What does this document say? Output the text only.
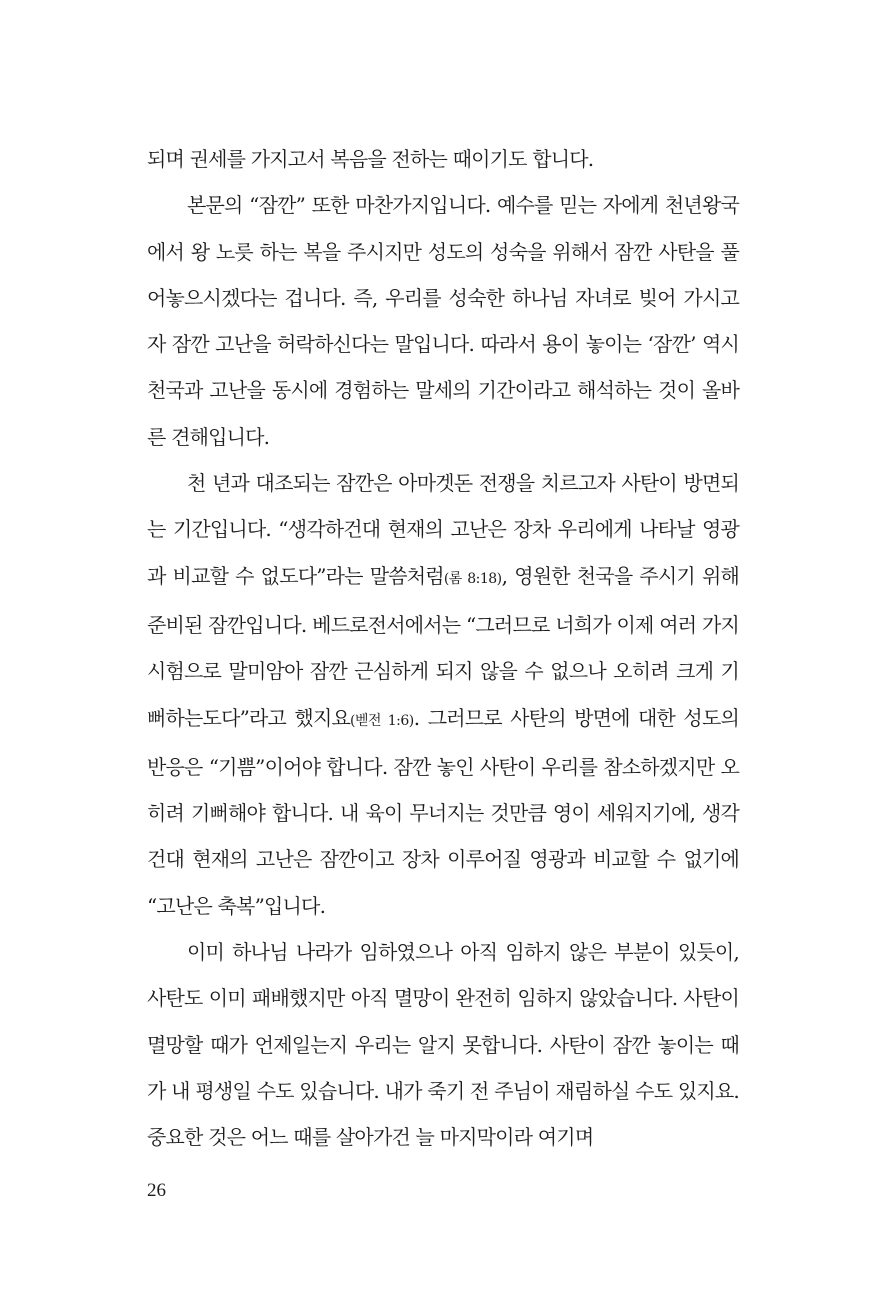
되며 권세를 가지고서 복음을 전하는 때이기도 합니다.

본문의 “잠깐” 또한 마찬가지입니다. 예수를 믿는 자에게 천년왕국에서 왕 노릇 하는 복을 주시지만 성도의 성숙을 위해서 잠깐 사탄을 풀어놓으시겠다는 겁니다. 즉, 우리를 성숙한 하나님 자녀로 빚어 가시고자 잠깐 고난을 허락하신다는 말입니다. 따라서 용이 놓이는 ‘잠깐’ 역시 천국과 고난을 동시에 경험하는 말세의 기간이라고 해석하는 것이 올바른 견해입니다.

천 년과 대조되는 잠깐은 아마겟돈 전쟁을 치르고자 사탄이 방면되는 기간입니다. “생각하건대 현재의 고난은 장차 우리에게 나타날 영광과 비교할 수 없도다”라는 말씀처럼(롬 8:18), 영원한 천국을 주시기 위해 준비된 잠깐입니다. 베드로전서에서는 “그러므로 너희가 이제 여러 가지 시험으로 말미암아 잠깐 근심하게 되지 않을 수 없으나 오히려 크게 기뻐하는도다”라고 했지요(벧전 1:6). 그러므로 사탄의 방면에 대한 성도의 반응은 “기쁨”이어야 합니다. 잠깐 놓인 사탄이 우리를 참소하겠지만 오히려 기뻐해야 합니다. 내 육이 무너지는 것만큼 영이 세워지기에, 생각건대 현재의 고난은 잠깐이고 장차 이루어질 영광과 비교할 수 없기에 “고난은 축복”입니다.

이미 하나님 나라가 임하였으나 아직 임하지 않은 부분이 있듯이, 사탄도 이미 패배했지만 아직 멸망이 완전히 임하지 않았습니다. 사탄이 멸망할 때가 언제일는지 우리는 알지 못합니다. 사탄이 잠깐 놓이는 때가 내 평생일 수도 있습니다. 내가 죽기 전 주님이 재림하실 수도 있지요. 중요한 것은 어느 때를 살아가건 늘 마지막이라 여기며

26
